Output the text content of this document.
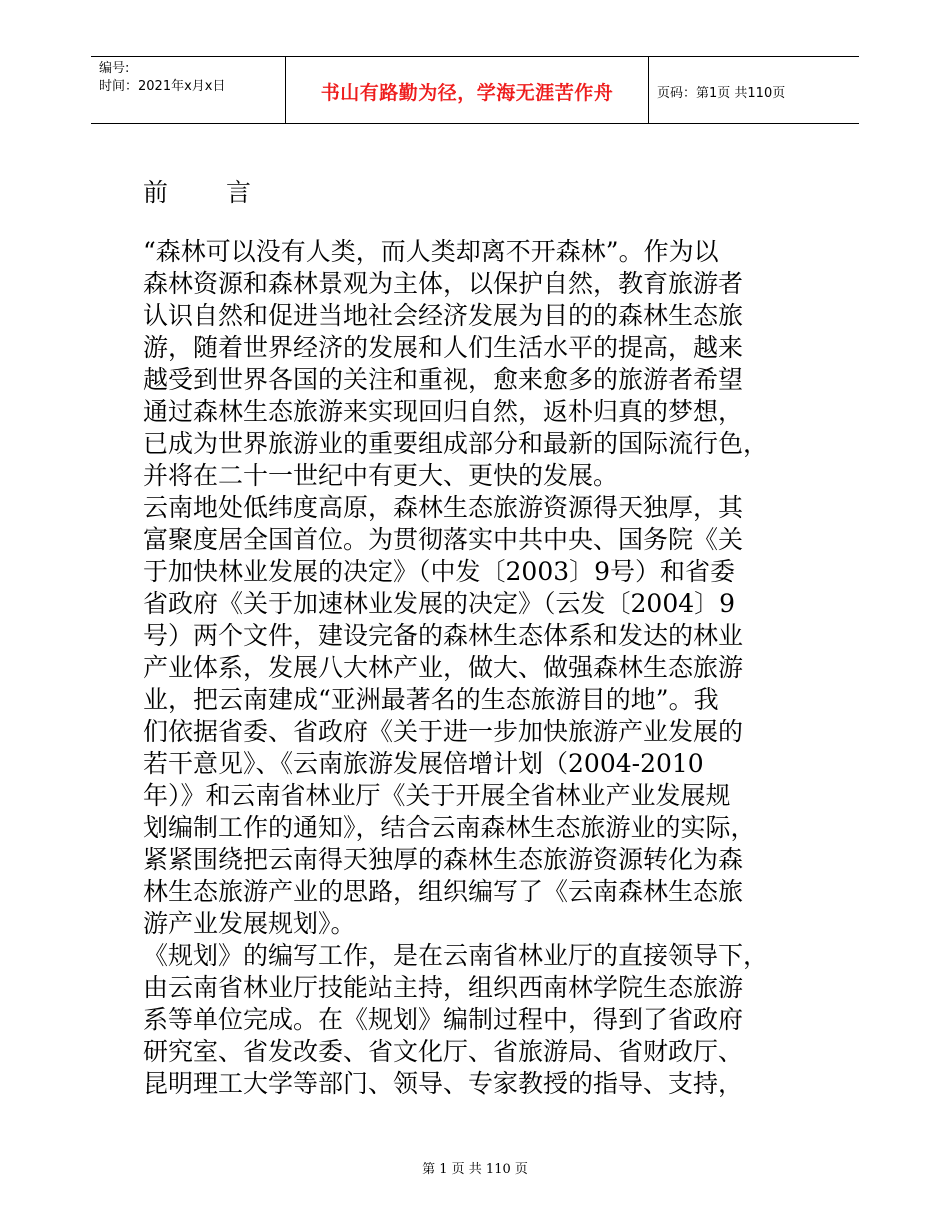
编号:
时间：2021年x月x日	书山有路勤为径，学海无涯苦作舟	页码：第1页 共110页
前 言
“森林可以没有人类，而人类却离不开森林”。作为以
森林资源和森林景观为主体，以保护自然，教育旅游者
认识自然和促进当地社会经济发展为目的的森林生态旅
游，随着世界经济的发展和人们生活水平的提高，越来
越受到世界各国的关注和重视，愈来愈多的旅游者希望
通过森林生态旅游来实现回归自然，返朴归真的梦想，
已成为世界旅游业的重要组成部分和最新的国际流行色，
并将在二十一世纪中有更大、更快的发展。
云南地处低纬度高原，森林生态旅游资源得天独厚，其
富聚度居全国首位。为贯彻落实中共中央、国务院《关
于加快林业发展的决定》（中发〔2003〕9号）和省委
省政府《关于加速林业发展的决定》（云发〔2004〕9
号）两个文件，建设完备的森林生态体系和发达的林业
产业体系，发展八大林产业，做大、做强森林生态旅游
业，把云南建成“亚洲最著名的生态旅游目的地”。我
们依据省委、省政府《关于进一步加快旅游产业发展的
若干意见》、《云南旅游发展倍增计划（2004-2010
年）》和云南省林业厅《关于开展全省林业产业发展规
划编制工作的通知》，结合云南森林生态旅游业的实际，
紧紧围绕把云南得天独厚的森林生态旅游资源转化为森
林生态旅游产业的思路，组织编写了《云南森林生态旅
游产业发展规划》。
《规划》的编写工作，是在云南省林业厅的直接领导下，
由云南省林业厅技能站主持，组织西南林学院生态旅游
系等单位完成。在《规划》编制过程中，得到了省政府
研究室、省发改委、省文化厅、省旅游局、省财政厅、
昆明理工大学等部门、领导、专家教授的指导、支持，
第 1 页 共 110 页
